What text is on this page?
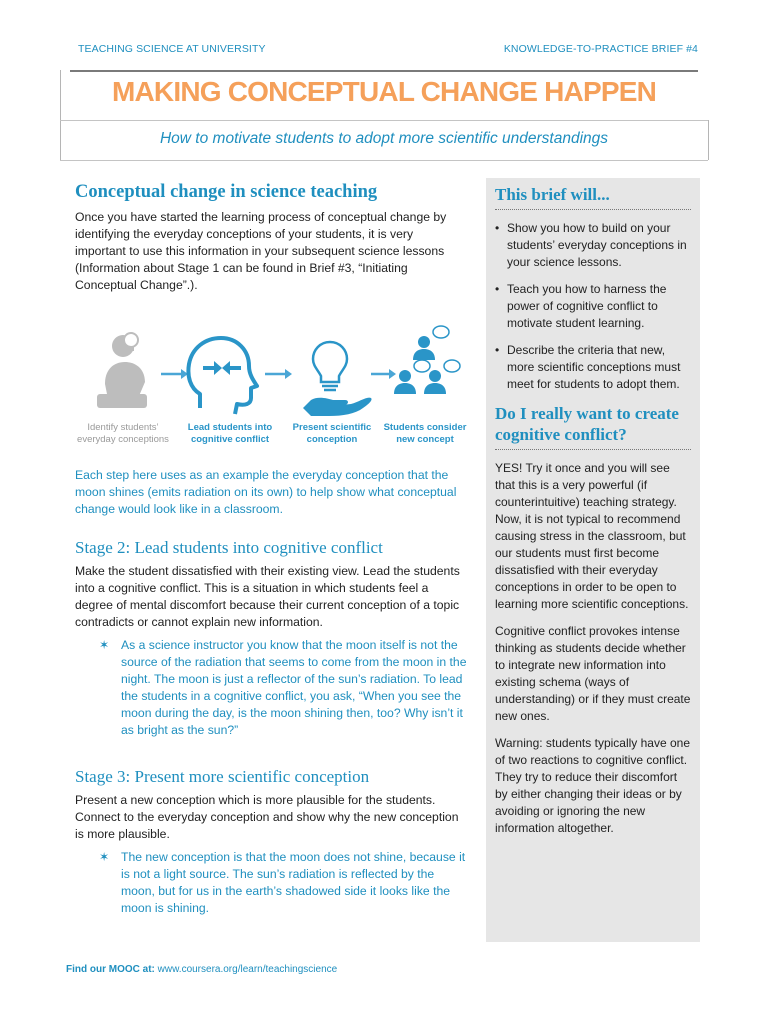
TEACHING SCIENCE AT UNIVERSITY	KNOWLEDGE-TO-PRACTICE BRIEF #4
MAKING CONCEPTUAL CHANGE HAPPEN
How to motivate students to adopt more scientific understandings
Conceptual change in science teaching

Once you have started the learning process of conceptual change by identifying the everyday conceptions of your students, it is very important to use this information in your subsequent science lessons (Information about Stage 1 can be found in Brief #3, “Initiating Conceptual Change”.).

Identify students’
everyday conceptions
Lead students into
cognitive conflict
Present scientific
conception
Students consider
new concept

Each step here uses as an example the everyday conception that the moon shines (emits radiation on its own) to help show what conceptual change would look like in a classroom.

Stage 2: Lead students into cognitive conflict

Make the student dissatisfied with their existing view. Lead the students into a cognitive conflict. This is a situation in which students feel a degree of mental discomfort because their current conception of a topic contradicts or cannot explain new information.

✶ As a science instructor you know that the moon itself is not the source of the radiation that seems to come from the moon in the night. The moon is just a reflector of the sun’s radiation. To lead the students in a cognitive conflict, you ask, “When you see the moon during the day, is the moon shining then, too? Why isn’t it as bright as the sun?”
Stage 3: Present more scientific conception

Present a new conception which is more plausible for the students. Connect to the everyday conception and show why the new conception is more plausible.

✶ The new conception is that the moon does not shine, because it is not a light source. The sun’s radiation is reflected by the moon, but for us in the earth’s shadowed side it looks like the moon is shining.
This brief will...
• Show you how to build on your students’ everyday conceptions in your science lessons.
• Teach you how to harness the power of cognitive conflict to motivate student learning.
• Describe the criteria that new, more scientific conceptions must meet for students to adopt them.
Do I really want to create cognitive conflict?

YES! Try it once and you will see that this is a very powerful (if counterintuitive) teaching strategy. Now, it is not typical to recommend causing stress in the classroom, but our students must first become dissatisfied with their everyday conceptions in order to be open to learning more scientific conceptions.

Cognitive conflict provokes intense thinking as students decide whether to integrate new information into existing schema (ways of understanding) or if they must create new ones.

Warning: students typically have one of two reactions to cognitive conflict. They try to reduce their discomfort by either changing their ideas or by avoiding or ignoring the new information altogether.

Find our MOOC at: www.coursera.org/learn/teachingscience
